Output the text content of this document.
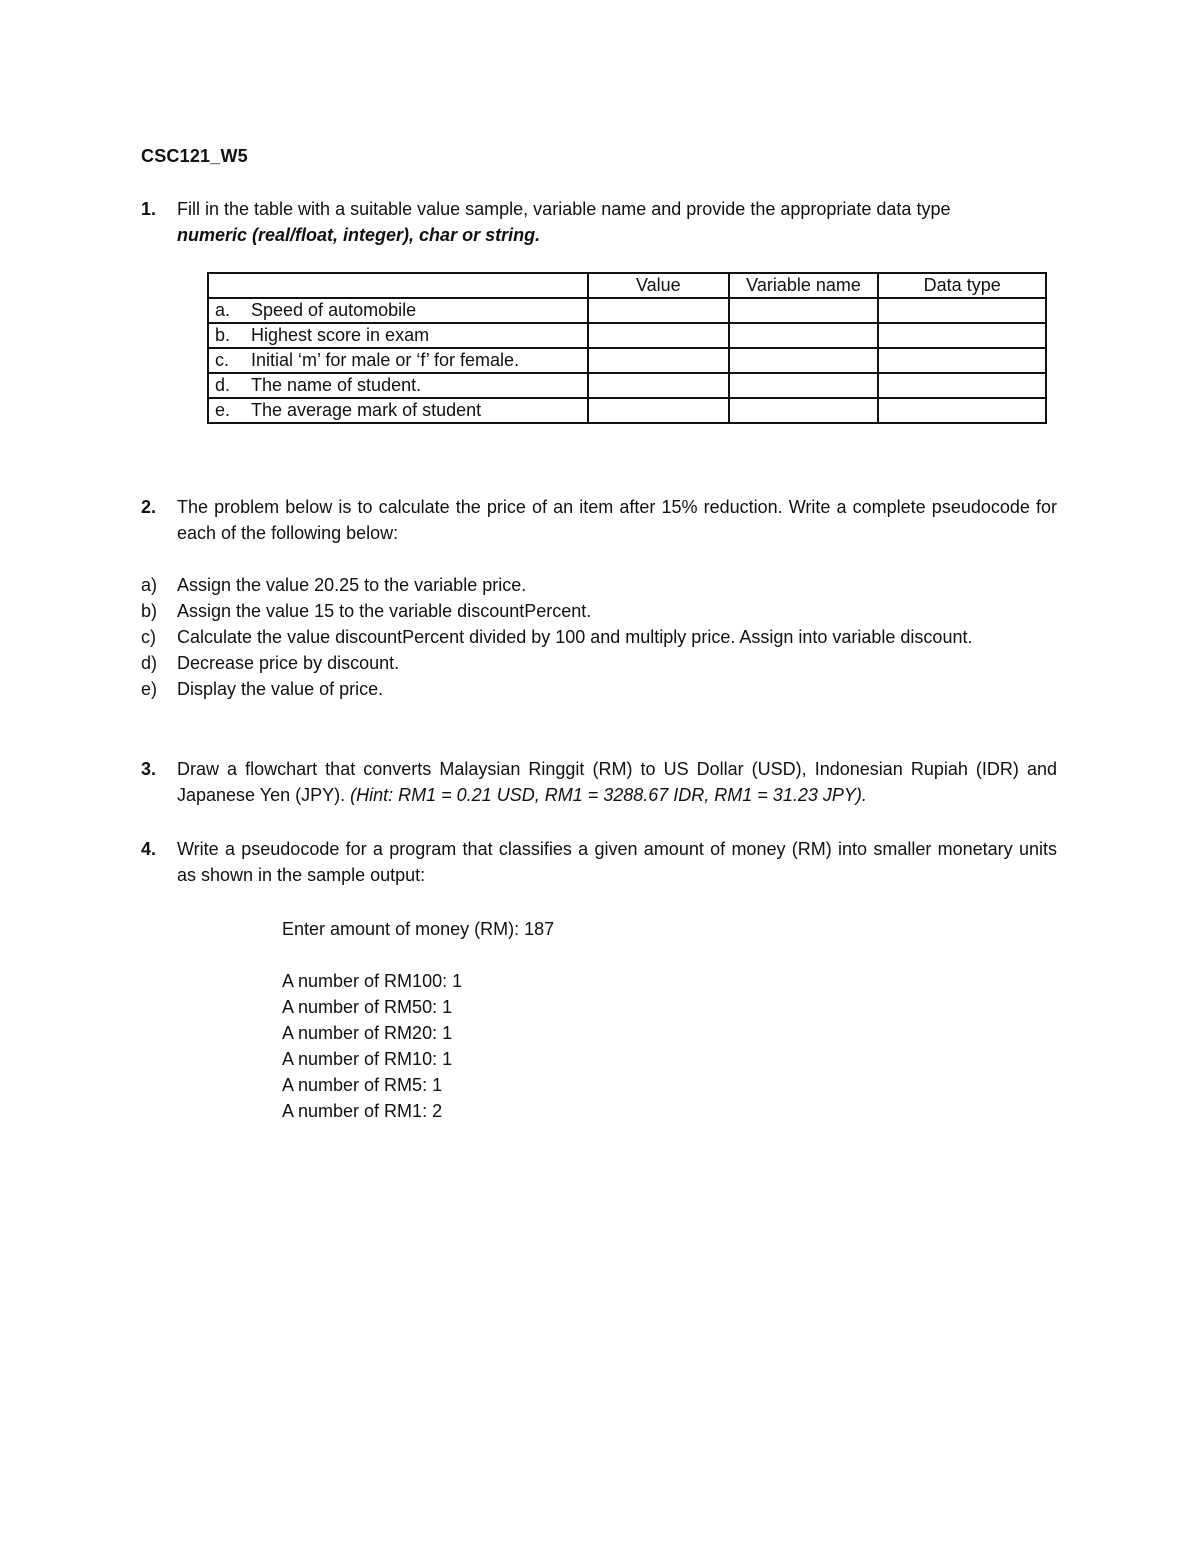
CSC121_W5
1. Fill in the table with a suitable value sample, variable name and provide the appropriate data type
numeric (real/float, integer), char or string.
	Value	Variable name	Data type
a. Speed of automobile			
b. Highest score in exam			
c. Initial ‘m’ for male or ‘f’ for female.			
d. The name of student.			
e. The average mark of student			
2. The problem below is to calculate the price of an item after 15% reduction. Write a complete pseudocode for each of the following below:
a) Assign the value 20.25 to the variable price.
b) Assign the value 15 to the variable discountPercent.
c) Calculate the value discountPercent divided by 100 and multiply price. Assign into variable discount.
d) Decrease price by discount.
e) Display the value of price.
3. Draw a flowchart that converts Malaysian Ringgit (RM) to US Dollar (USD), Indonesian Rupiah (IDR) and Japanese Yen (JPY). (Hint: RM1 = 0.21 USD, RM1 = 3288.67 IDR, RM1 = 31.23 JPY).
4. Write a pseudocode for a program that classifies a given amount of money (RM) into smaller monetary units as shown in the sample output:
Enter amount of money (RM): 187
A number of RM100: 1
A number of RM50: 1
A number of RM20: 1
A number of RM10: 1
A number of RM5: 1
A number of RM1: 2
